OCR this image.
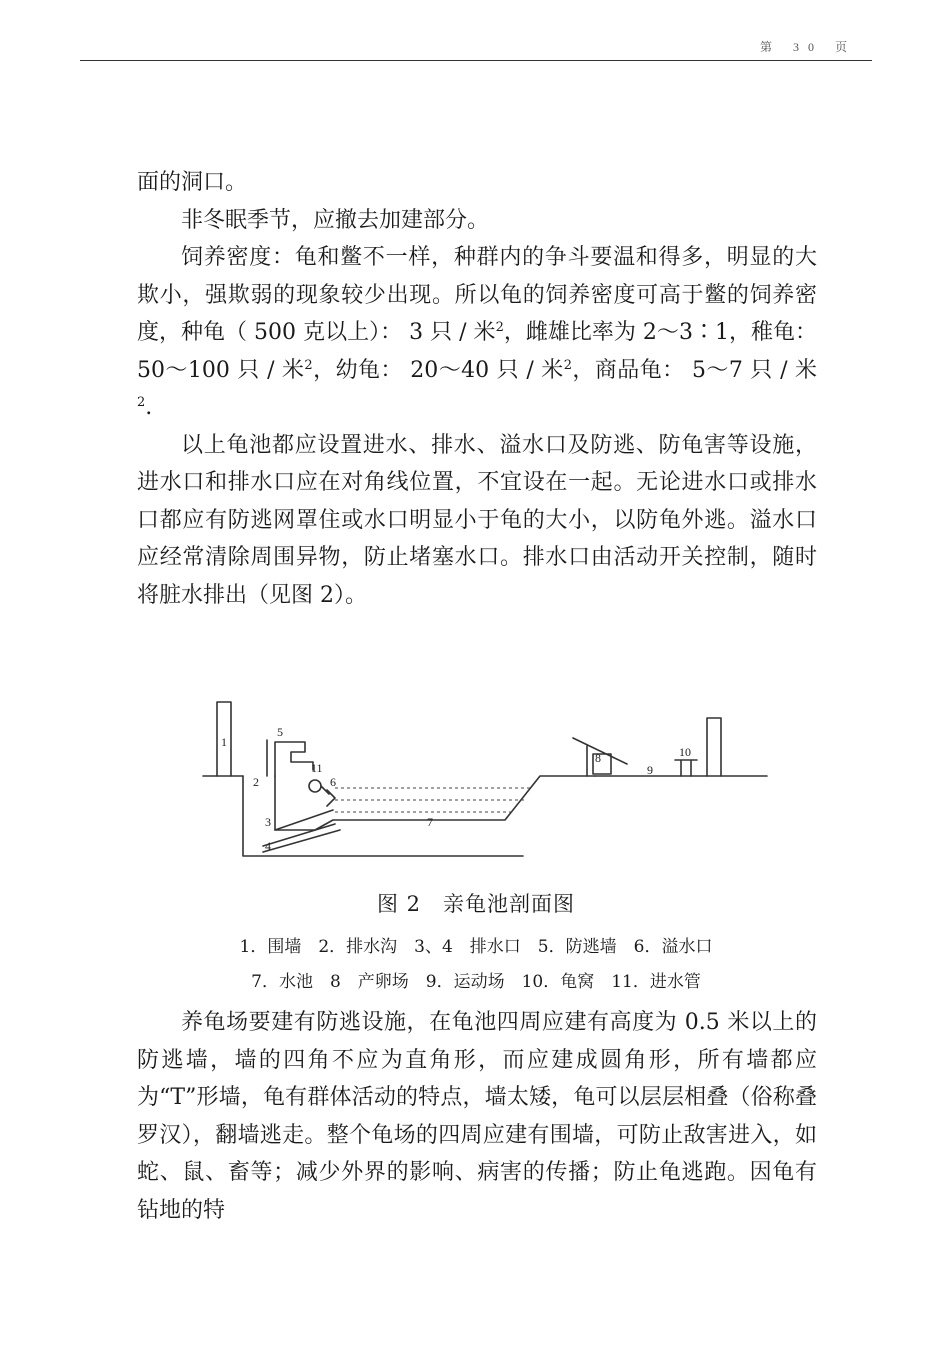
第 30 页

面的洞口。

非冬眠季节，应撤去加建部分。

饲养密度：龟和鳖不一样，种群内的争斗要温和得多，明显的大欺小，强欺弱的现象较少出现。所以龟的饲养密度可高于鳖的饲养密度，种龟（ 500 克以上）： 3 只 / 米$^2$，雌雄比率为 2～3∶1，稚龟： 50～100 只 / 米$^2$，幼龟： 20～40 只 / 米$^2$，商品龟： 5～7 只 / 米$^2$.

以上龟池都应设置进水、排水、溢水口及防逃、防龟害等设施，进水口和排水口应在对角线位置，不宜设在一起。无论进水口或排水口都应有防逃网罩住或水口明显小于龟的大小，以防龟外逃。溢水口应经常清除周围异物，防止堵塞水口。排水口由活动开关控制，随时将脏水排出（见图 2）。

1
2
3
4
5
6
7
8
9
10
11
图 2　亲龟池剖面图
1．围墙　2．排水沟　3、4　排水口　5．防逃墙　6．溢水口
7．水池　8　产卵场　9．运动场　10．龟窝　11．进水管

养龟场要建有防逃设施，在龟池四周应建有高度为 0.5 米以上的防逃墙，墙的四角不应为直角形，而应建成圆角形，所有墙都应为“T”形墙，龟有群体活动的特点，墙太矮，龟可以层层相叠（俗称叠罗汉），翻墙逃走。整个龟场的四周应建有围墙，可防止敌害进入，如蛇、鼠、畜等；减少外界的影响、病害的传播；防止龟逃跑。因龟有钻地的特
